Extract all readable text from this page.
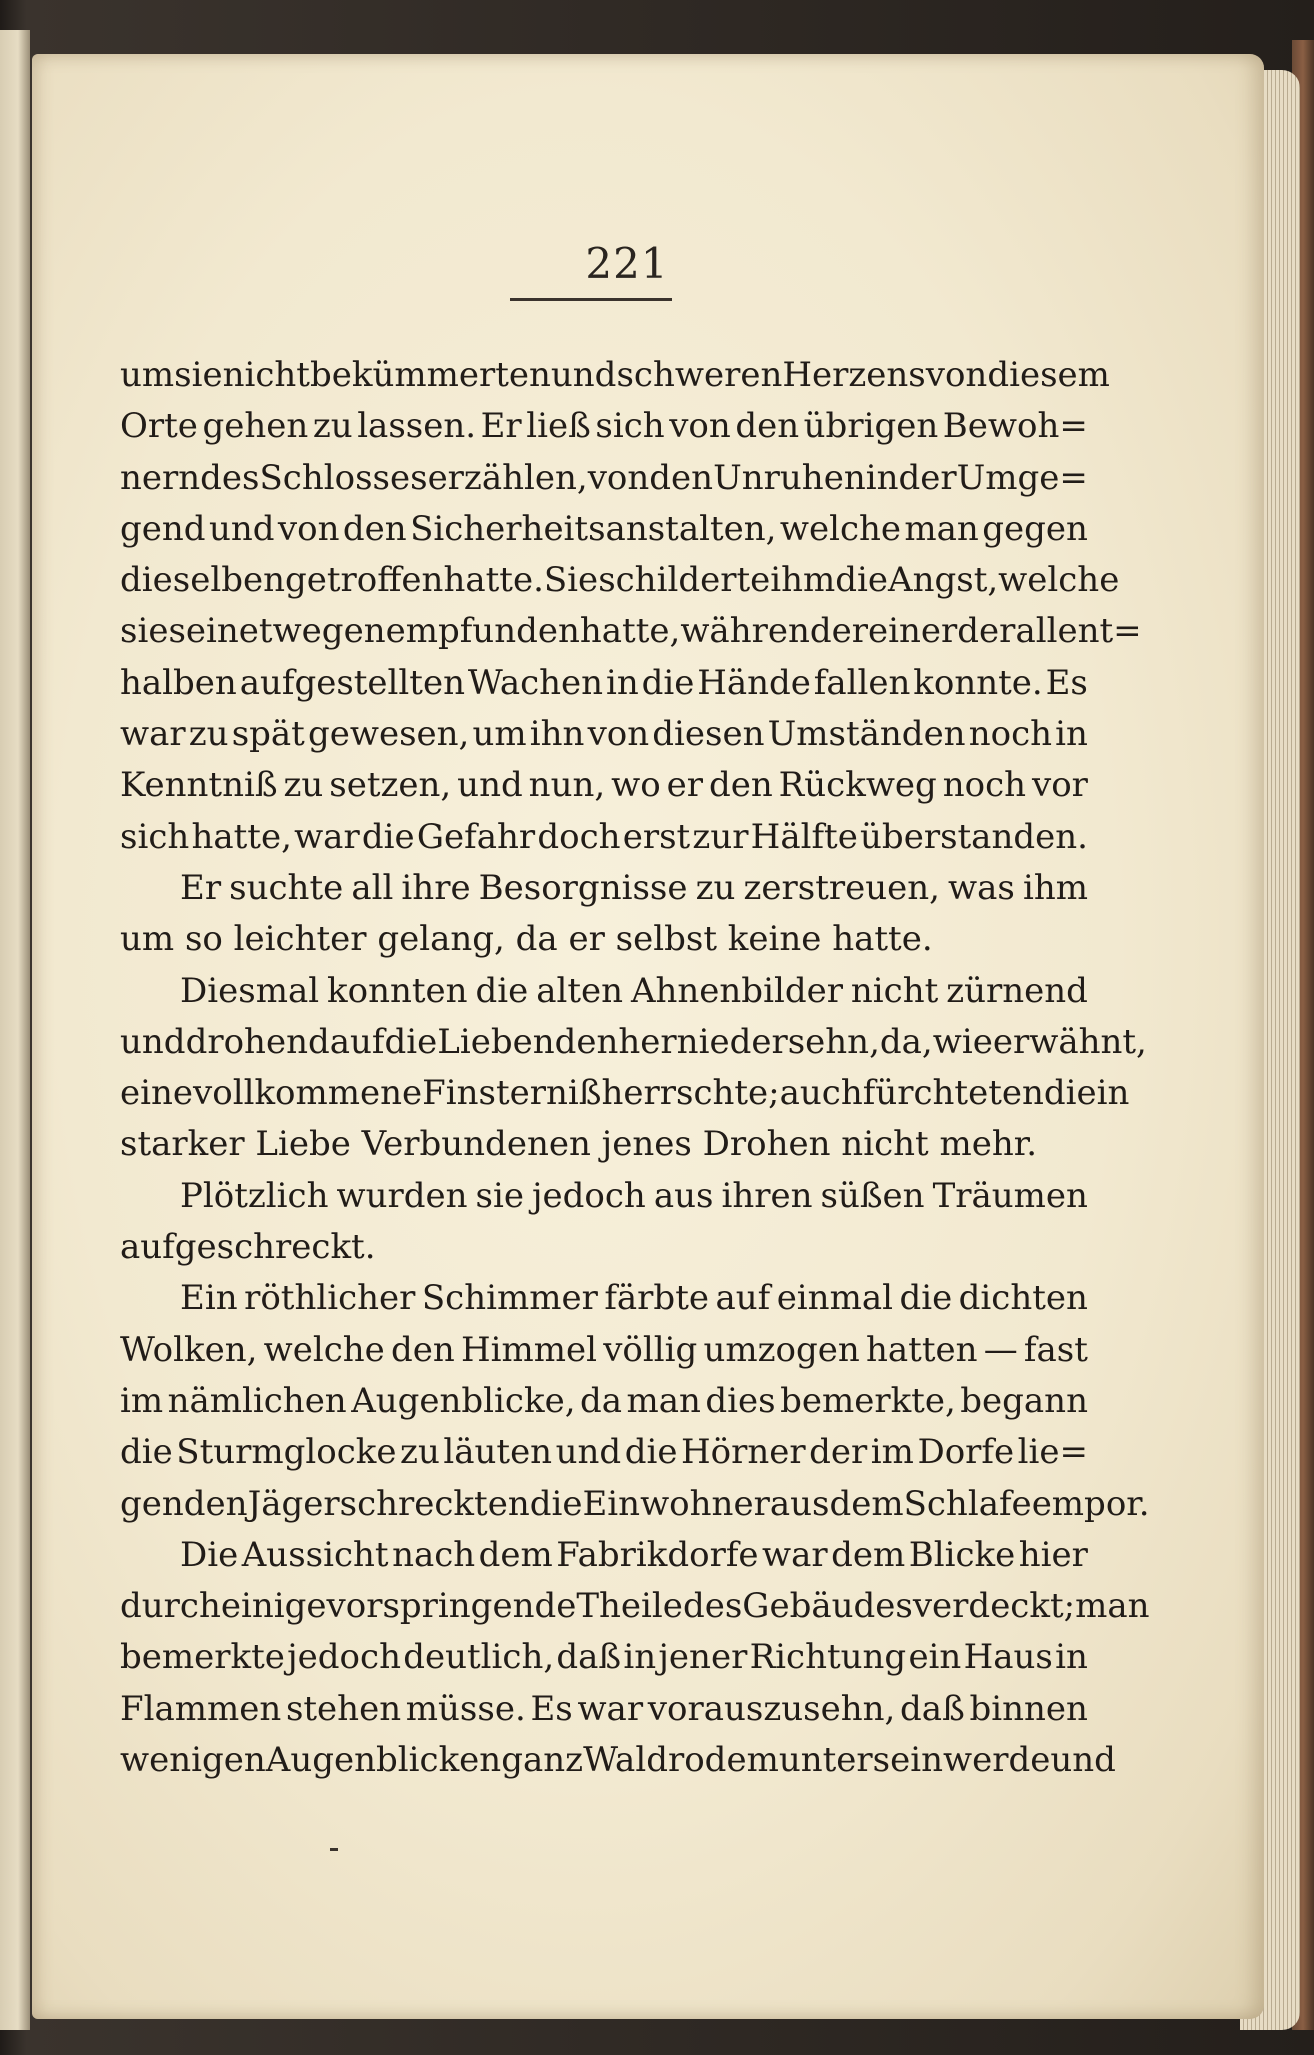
221
um sie nicht bekümmerten und schweren Herzens von diesem
Orte gehen zu lassen. Er ließ sich von den übrigen Bewoh=
nern des Schlosses erzählen, von den Unruhen in der Umge=
gend und von den Sicherheitsanstalten, welche man gegen
dieselben getroffen hatte. Sie schilderte ihm die Angst, welche
sie seinetwegen empfunden hatte, während er einer der allent=
halben aufgestellten Wachen in die Hände fallen konnte. Es
war zu spät gewesen, um ihn von diesen Umständen noch in
Kenntniß zu setzen, und nun, wo er den Rückweg noch vor
sich hatte, war die Gefahr doch erst zur Hälfte überstanden.
Er suchte all ihre Besorgnisse zu zerstreuen, was ihm
um so leichter gelang, da er selbst keine hatte.
Diesmal konnten die alten Ahnenbilder nicht zürnend
und drohend auf die Liebenden herniedersehn, da, wie erwähnt,
eine vollkommene Finsterniß herrschte; auch fürchteten die in
starker Liebe Verbundenen jenes Drohen nicht mehr.
Plötzlich wurden sie jedoch aus ihren süßen Träumen
aufgeschreckt.
Ein röthlicher Schimmer färbte auf einmal die dichten
Wolken, welche den Himmel völlig umzogen hatten — fast
im nämlichen Augenblicke, da man dies bemerkte, begann
die Sturmglocke zu läuten und die Hörner der im Dorfe lie=
genden Jäger schreckten die Einwohner aus dem Schlafe empor.
Die Aussicht nach dem Fabrikdorfe war dem Blicke hier
durch einige vorspringende Theile des Gebäudes verdeckt; man
bemerkte jedoch deutlich, daß in jener Richtung ein Haus in
Flammen stehen müsse. Es war vorauszusehn, daß binnen
wenigen Augenblicken ganz Waldrode munter sein werde und
